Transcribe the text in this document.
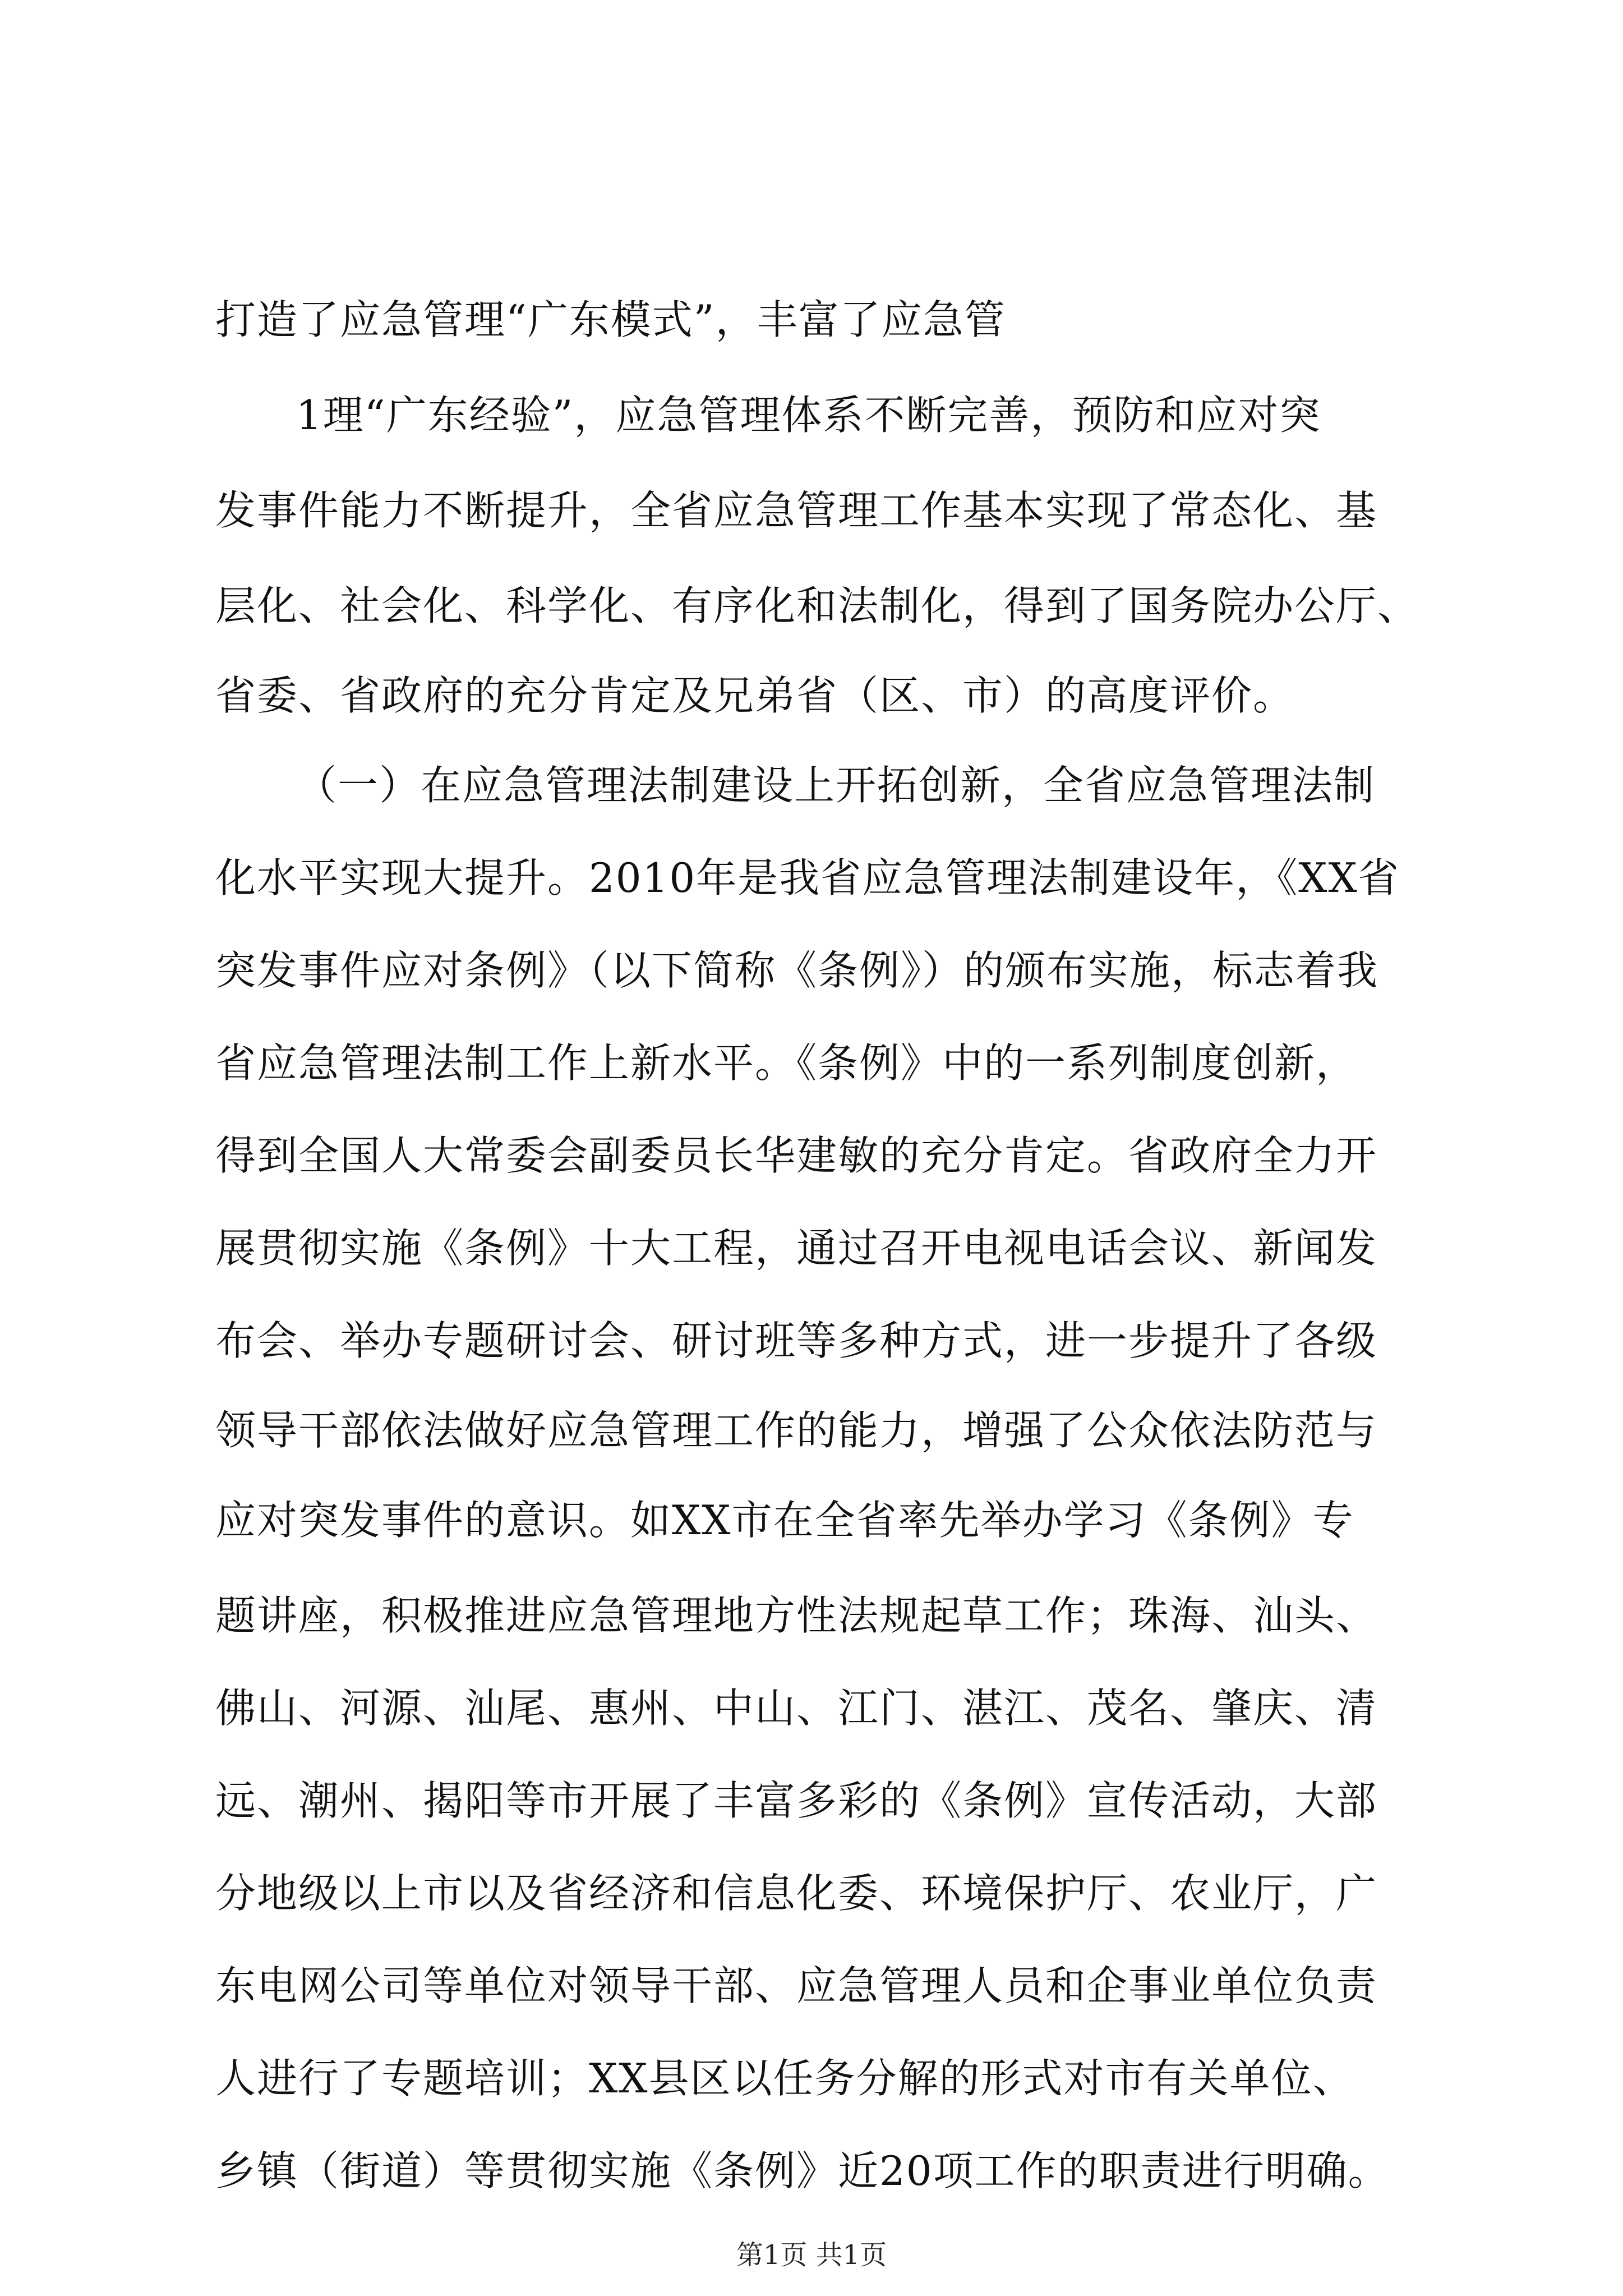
打造了应急管理“广东模式”，丰富了应急管
1理“广东经验”，应急管理体系不断完善，预防和应对突
发事件能力不断提升，全省应急管理工作基本实现了常态化、基
层化、社会化、科学化、有序化和法制化，得到了国务院办公厅、
省委、省政府的充分肯定及兄弟省（区、市）的高度评价。
（一）在应急管理法制建设上开拓创新，全省应急管理法制
化水平实现大提升。2010年是我省应急管理法制建设年，《XX省
突发事件应对条例》（以下简称《条例》）的颁布实施，标志着我
省应急管理法制工作上新水平。《条例》中的一系列制度创新，
得到全国人大常委会副委员长华建敏的充分肯定。省政府全力开
展贯彻实施《条例》十大工程，通过召开电视电话会议、新闻发
布会、举办专题研讨会、研讨班等多种方式，进一步提升了各级
领导干部依法做好应急管理工作的能力，增强了公众依法防范与
应对突发事件的意识。如XX市在全省率先举办学习《条例》专
题讲座，积极推进应急管理地方性法规起草工作；珠海、汕头、
佛山、河源、汕尾、惠州、中山、江门、湛江、茂名、肇庆、清
远、潮州、揭阳等市开展了丰富多彩的《条例》宣传活动，大部
分地级以上市以及省经济和信息化委、环境保护厅、农业厅，广
东电网公司等单位对领导干部、应急管理人员和企事业单位负责
人进行了专题培训；XX县区以任务分解的形式对市有关单位、
乡镇（街道）等贯彻实施《条例》近20项工作的职责进行明确。
第1页 共1页
